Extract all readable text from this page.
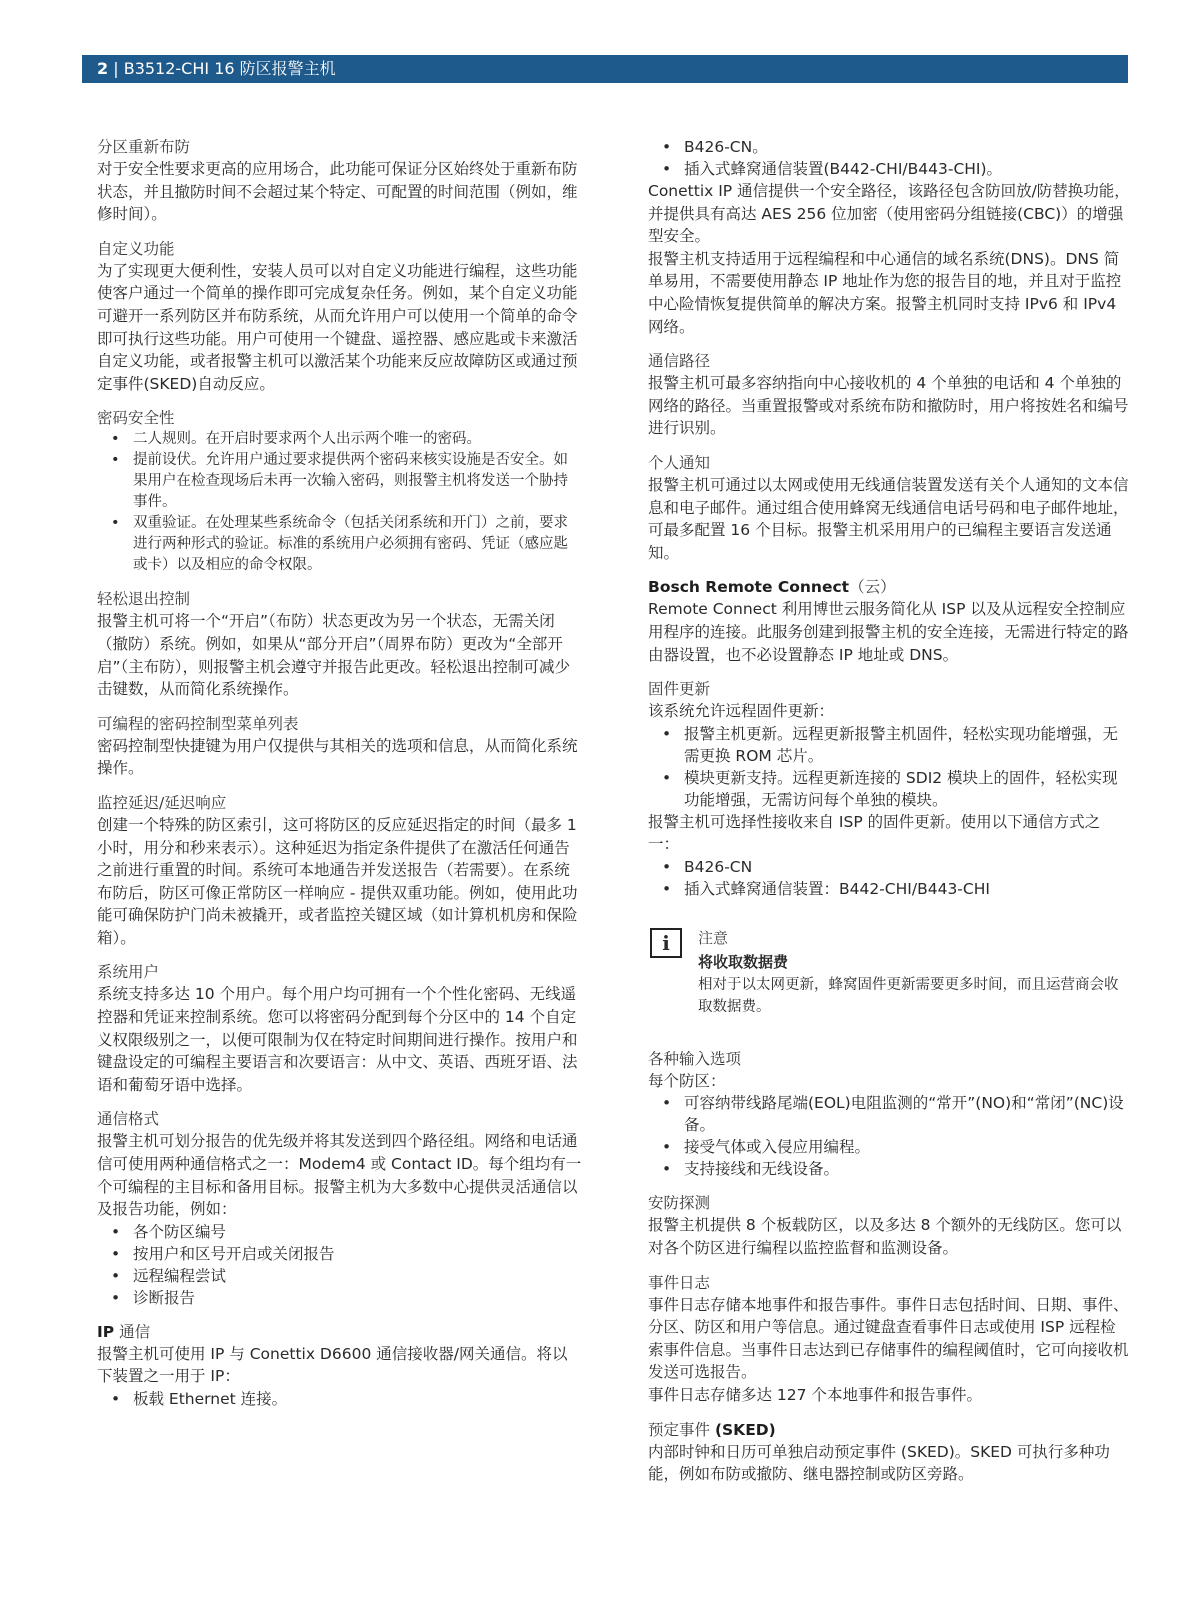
2 | B3512-CHI 16 防区报警主机
分区重新布防

对于安全性要求更高的应用场合，此功能可保证分区始终处于重新布防状态，并且撤防时间不会超过某个特定、可配置的时间范围（例如，维修时间）。

自定义功能

为了实现更大便利性，安装人员可以对自定义功能进行编程，这些功能使客户通过一个简单的操作即可完成复杂任务。例如，某个自定义功能可避开一系列防区并布防系统，从而允许用户可以使用一个简单的命令即可执行这些功能。用户可使用一个键盘、遥控器、感应匙或卡来激活自定义功能，或者报警主机可以激活某个功能来反应故障防区或通过预定事件(SKED)自动反应。

密码安全性
• 二人规则。在开启时要求两个人出示两个唯一的密码。
• 提前设伏。允许用户通过要求提供两个密码来核实设施是否安全。如果用户在检查现场后未再一次输入密码，则报警主机将发送一个胁持事件。
• 双重验证。在处理某些系统命令（包括关闭系统和开门）之前，要求进行两种形式的验证。标准的系统用户必须拥有密码、凭证（感应匙或卡）以及相应的命令权限。
轻松退出控制

报警主机可将一个“开启”（布防）状态更改为另一个状态，无需关闭（撤防）系统。例如，如果从“部分开启”（周界布防）更改为“全部开启”（主布防），则报警主机会遵守并报告此更改。轻松退出控制可减少击键数，从而简化系统操作。

可编程的密码控制型菜单列表

密码控制型快捷键为用户仅提供与其相关的选项和信息，从而简化系统操作。

监控延迟/延迟响应

创建一个特殊的防区索引，这可将防区的反应延迟指定的时间（最多 1 小时，用分和秒来表示）。这种延迟为指定条件提供了在激活任何通告之前进行重置的时间。系统可本地通告并发送报告（若需要）。在系统布防后，防区可像正常防区一样响应 - 提供双重功能。例如，使用此功能可确保防护门尚未被撬开，或者监控关键区域（如计算机机房和保险箱）。

系统用户

系统支持多达 10 个用户。每个用户均可拥有一个个性化密码、无线遥控器和凭证来控制系统。您可以将密码分配到每个分区中的 14 个自定义权限级别之一，以便可限制为仅在特定时间期间进行操作。按用户和键盘设定的可编程主要语言和次要语言：从中文、英语、西班牙语、法语和葡萄牙语中选择。

通信格式

报警主机可划分报告的优先级并将其发送到四个路径组。网络和电话通信可使用两种通信格式之一：Modem4 或 Contact ID。每个组均有一个可编程的主目标和备用目标。报警主机为大多数中心提供灵活通信以及报告功能，例如：

• 各个防区编号
• 按用户和区号开启或关闭报告
• 远程编程尝试
• 诊断报告
IP 通信

报警主机可使用 IP 与 Conettix D6600 通信接收器/网关通信。将以下装置之一用于 IP：

• 板载 Ethernet 连接。
• B426-CN。
• 插入式蜂窝通信装置(B442-CHI/B443-CHI)。

Conettix IP 通信提供一个安全路径，该路径包含防回放/防替换功能，并提供具有高达 AES 256 位加密（使用密码分组链接(CBC)）的增强型安全。

报警主机支持适用于远程编程和中心通信的域名系统(DNS)。DNS 简单易用，不需要使用静态 IP 地址作为您的报告目的地，并且对于监控中心险情恢复提供简单的解决方案。报警主机同时支持 IPv6 和 IPv4 网络。

通信路径

报警主机可最多容纳指向中心接收机的 4 个单独的电话和 4 个单独的网络的路径。当重置报警或对系统布防和撤防时，用户将按姓名和编号进行识别。

个人通知

报警主机可通过以太网或使用无线通信装置发送有关个人通知的文本信息和电子邮件。通过组合使用蜂窝无线通信电话号码和电子邮件地址，可最多配置 16 个目标。报警主机采用用户的已编程主要语言发送通知。

Bosch Remote Connect（云）

Remote Connect 利用博世云服务简化从 ISP 以及从远程安全控制应用程序的连接。此服务创建到报警主机的安全连接，无需进行特定的路由器设置，也不必设置静态 IP 地址或 DNS。

固件更新

该系统允许远程固件更新：

• 报警主机更新。远程更新报警主机固件，轻松实现功能增强，无需更换 ROM 芯片。
• 模块更新支持。远程更新连接的 SDI2 模块上的固件，轻松实现功能增强，无需访问每个单独的模块。

报警主机可选择性接收来自 ISP 的固件更新。使用以下通信方式之一：

• B426-CN
• 插入式蜂窝通信装置：B442-CHI/B443-CHI
i	注意
将收取数据费
相对于以太网更新，蜂窝固件更新需要更多时间，而且运营商会收取数据费。
各种输入选项

每个防区：

• 可容纳带线路尾端(EOL)电阻监测的“常开”(NO)和“常闭”(NC)设备。
• 接受气体或入侵应用编程。
• 支持接线和无线设备。
安防探测

报警主机提供 8 个板载防区，以及多达 8 个额外的无线防区。您可以对各个防区进行编程以监控监督和监测设备。

事件日志

事件日志存储本地事件和报告事件。事件日志包括时间、日期、事件、分区、防区和用户等信息。通过键盘查看事件日志或使用 ISP 远程检索事件信息。当事件日志达到已存储事件的编程阈值时，它可向接收机发送可选报告。

事件日志存储多达 127 个本地事件和报告事件。

预定事件 (SKED)

内部时钟和日历可单独启动预定事件 (SKED)。SKED 可执行多种功能，例如布防或撤防、继电器控制或防区旁路。
